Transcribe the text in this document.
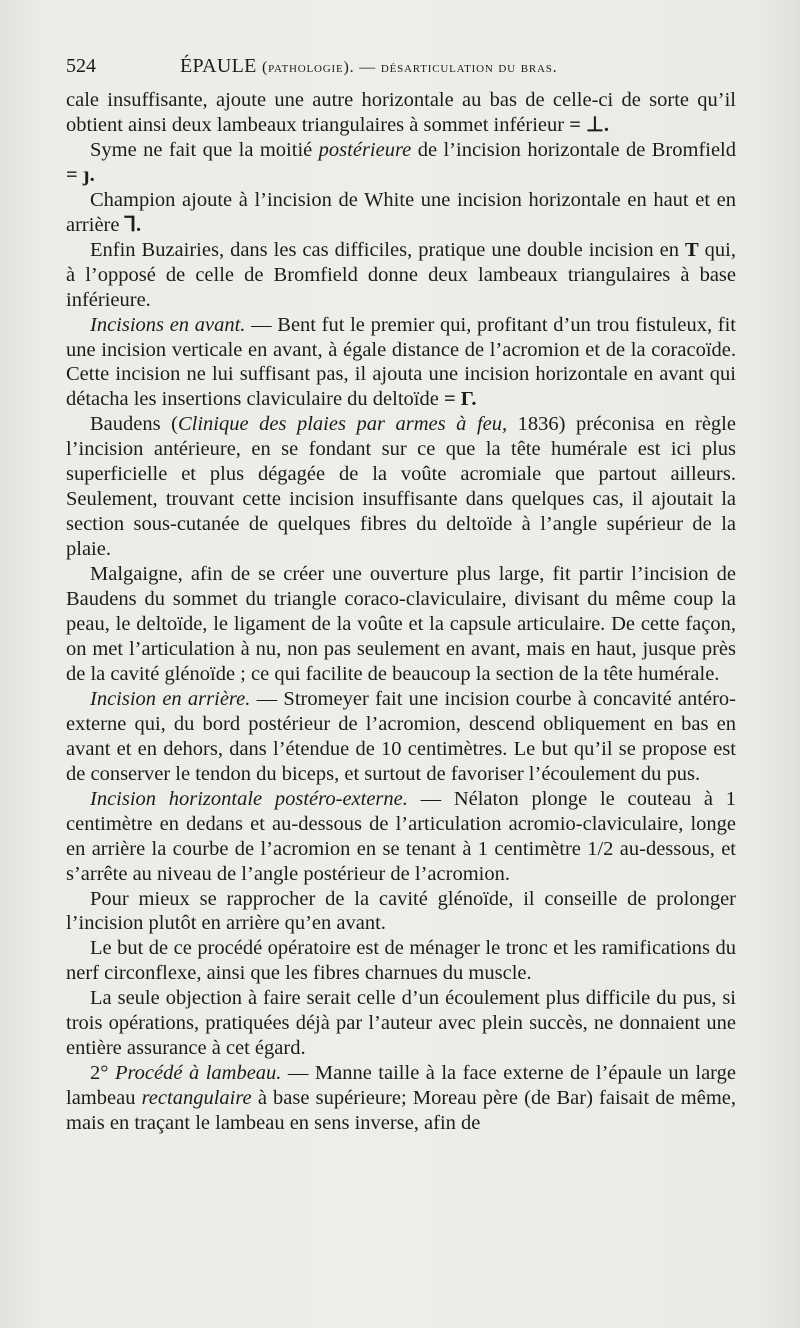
524	ÉPAULE (pathologie). — désarticulation du bras.

cale insuffisante, ajoute une autre horizontale au bas de celle-ci de sorte qu’il obtient ainsi deux lambeaux triangulaires à sommet inférieur = ⊥.

Syme ne fait que la moitié postérieure de l’incision horizontale de Bromfield = ȷ.

Champion ajoute à l’incision de White une incision horizontale en haut et en arrière ⅂.

Enfin Buzairies, dans les cas difficiles, pratique une double incision en T qui, à l’opposé de celle de Bromfield donne deux lambeaux triangulaires à base inférieure.

Incisions en avant. — Bent fut le premier qui, profitant d’un trou fistuleux, fit une incision verticale en avant, à égale distance de l’acromion et de la coracoïde. Cette incision ne lui suffisant pas, il ajouta une incision horizontale en avant qui détacha les insertions claviculaire du deltoïde = Γ.

Baudens (Clinique des plaies par armes à feu, 1836) préconisa en règle l’incision antérieure, en se fondant sur ce que la tête humérale est ici plus superficielle et plus dégagée de la voûte acromiale que partout ailleurs. Seulement, trouvant cette incision insuffisante dans quelques cas, il ajoutait la section sous-cutanée de quelques fibres du deltoïde à l’angle supérieur de la plaie.

Malgaigne, afin de se créer une ouverture plus large, fit partir l’incision de Baudens du sommet du triangle coraco-claviculaire, divisant du même coup la peau, le deltoïde, le ligament de la voûte et la capsule articulaire. De cette façon, on met l’articulation à nu, non pas seulement en avant, mais en haut, jusque près de la cavité glénoïde ; ce qui facilite de beaucoup la section de la tête humérale.

Incision en arrière. — Stromeyer fait une incision courbe à concavité antéro-externe qui, du bord postérieur de l’acromion, descend obliquement en bas en avant et en dehors, dans l’étendue de 10 centimètres. Le but qu’il se propose est de conserver le tendon du biceps, et surtout de favoriser l’écoulement du pus.

Incision horizontale postéro-externe. — Nélaton plonge le couteau à 1 centimètre en dedans et au-dessous de l’articulation acromio-claviculaire, longe en arrière la courbe de l’acromion en se tenant à 1 centimètre 1/2 au-dessous, et s’arrête au niveau de l’angle postérieur de l’acromion.

Pour mieux se rapprocher de la cavité glénoïde, il conseille de prolonger l’incision plutôt en arrière qu’en avant.

Le but de ce procédé opératoire est de ménager le tronc et les ramifications du nerf circonflexe, ainsi que les fibres charnues du muscle.

La seule objection à faire serait celle d’un écoulement plus difficile du pus, si trois opérations, pratiquées déjà par l’auteur avec plein succès, ne donnaient une entière assurance à cet égard.

2° Procédé à lambeau. — Manne taille à la face externe de l’épaule un large lambeau rectangulaire à base supérieure; Moreau père (de Bar) faisait de même, mais en traçant le lambeau en sens inverse, afin de
